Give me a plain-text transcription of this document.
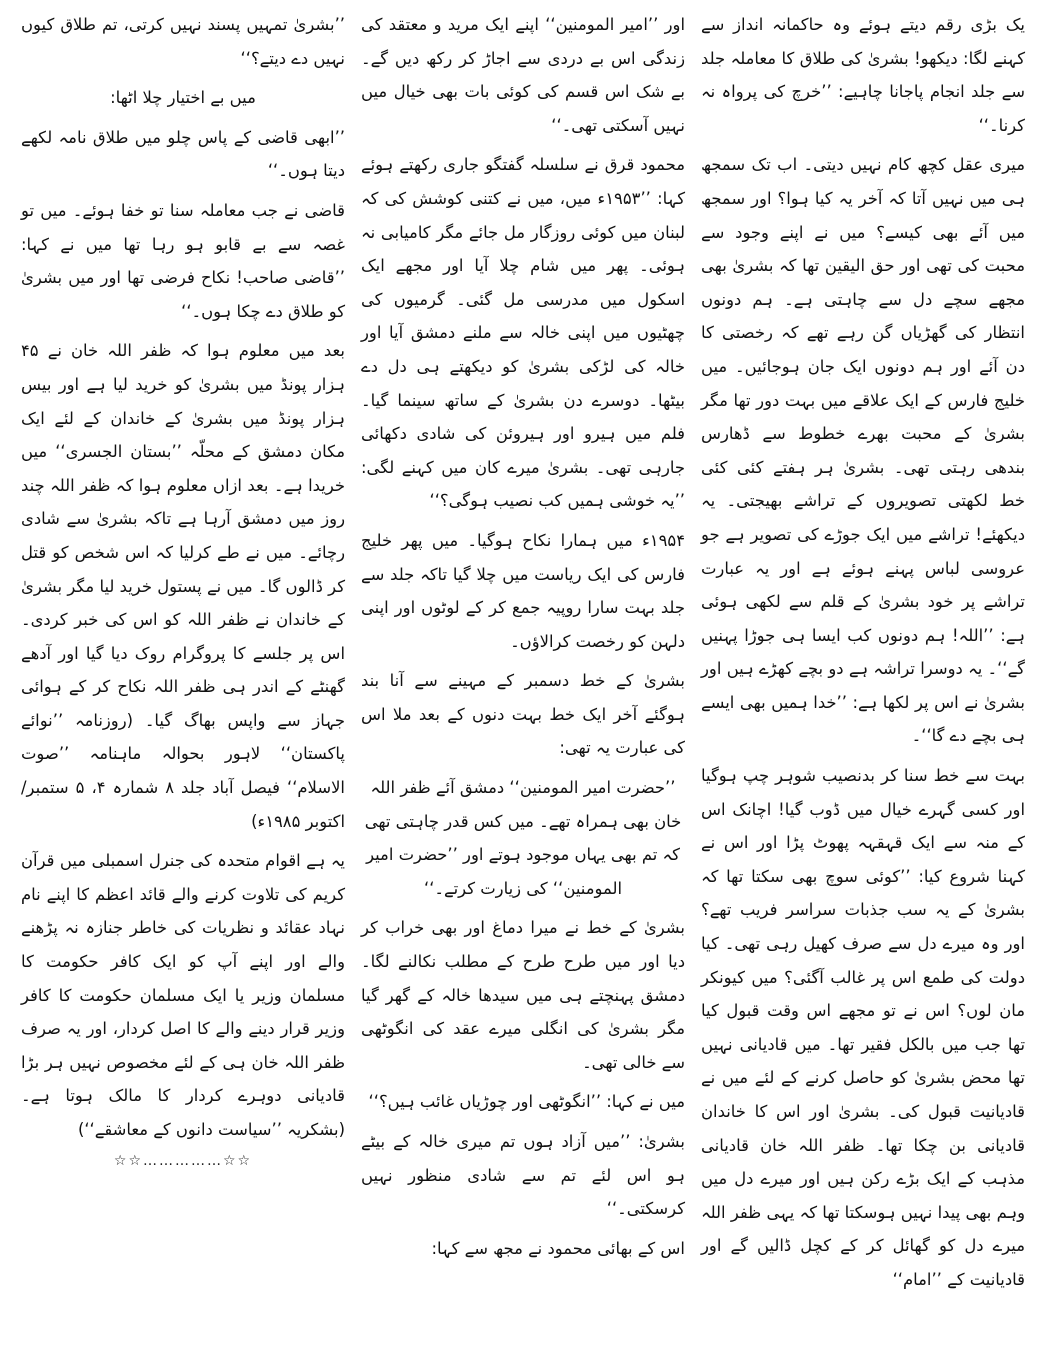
یک بڑی رقم دیتے ہوئے وہ حاکمانہ انداز سے کہنے لگا: دیکھو! بشریٰ کی طلاق کا معاملہ جلد سے جلد انجام پاجانا چاہیے: ’’خرچ کی پرواہ نہ کرنا۔‘‘

میری عقل کچھ کام نہیں دیتی۔ اب تک سمجھ ہی میں نہیں آتا کہ آخر یہ کیا ہوا؟ اور سمجھ میں آئے بھی کیسے؟ میں نے اپنے وجود سے محبت کی تھی اور حق الیقین تھا کہ بشریٰ بھی مجھے سچے دل سے چاہتی ہے۔ ہم دونوں انتظار کی گھڑیاں گن رہے تھے کہ رخصتی کا دن آئے اور ہم دونوں ایک جان ہوجائیں۔ میں خلیج فارس کے ایک علاقے میں بہت دور تھا مگر بشریٰ کے محبت بھرے خطوط سے ڈھارس بندھی رہتی تھی۔ بشریٰ ہر ہفتے کئی کئی خط لکھتی تصویروں کے تراشے بھیجتی۔ یہ دیکھئے! تراشے میں ایک جوڑے کی تصویر ہے جو عروسی لباس پہنے ہوئے ہے اور یہ عبارت تراشے پر خود بشریٰ کے قلم سے لکھی ہوئی ہے: ’’اللہ! ہم دونوں کب ایسا ہی جوڑا پہنیں گے‘‘۔ یہ دوسرا تراشہ ہے دو بچے کھڑے ہیں اور بشریٰ نے اس پر لکھا ہے: ’’خدا ہمیں بھی ایسے ہی بچے دے گا‘‘۔

بہت سے خط سنا کر بدنصیب شوہر چپ ہوگیا اور کسی گہرے خیال میں ڈوب گیا! اچانک اس کے منہ سے ایک قہقہہ پھوٹ پڑا اور اس نے کہنا شروع کیا: ’’کوئی سوچ بھی سکتا تھا کہ بشریٰ کے یہ سب جذبات سراسر فریب تھے؟ اور وہ میرے دل سے صرف کھیل رہی تھی۔ کیا دولت کی طمع اس پر غالب آگئی؟ میں کیونکر مان لوں؟ اس نے تو مجھے اس وقت قبول کیا تھا جب میں بالکل فقیر تھا۔ میں قادیانی نہیں تھا محض بشریٰ کو حاصل کرنے کے لئے میں نے قادیانیت قبول کی۔ بشریٰ اور اس کا خاندان قادیانی بن چکا تھا۔ ظفر اللہ خان قادیانی مذہب کے ایک بڑے رکن ہیں اور میرے دل میں وہم بھی پیدا نہیں ہوسکتا تھا کہ یہی ظفر اللہ میرے دل کو گھائل کر کے کچل ڈالیں گے اور قادیانیت کے ’’امام‘‘

اور ’’امیر المومنین‘‘ اپنے ایک مرید و معتقد کی زندگی اس بے دردی سے اجاڑ کر رکھ دیں گے۔ بے شک اس قسم کی کوئی بات بھی خیال میں نہیں آسکتی تھی۔‘‘

محمود قرق نے سلسلہ گفتگو جاری رکھتے ہوئے کہا: ’’۱۹۵۳ء میں، میں نے کتنی کوشش کی کہ لبنان میں کوئی روزگار مل جائے مگر کامیابی نہ ہوئی۔ پھر میں شام چلا آیا اور مجھے ایک اسکول میں مدرسی مل گئی۔ گرمیوں کی چھٹیوں میں اپنی خالہ سے ملنے دمشق آیا اور خالہ کی لڑکی بشریٰ کو دیکھتے ہی دل دے بیٹھا۔ دوسرے دن بشریٰ کے ساتھ سینما گیا۔ فلم میں ہیرو اور ہیروئن کی شادی دکھائی جارہی تھی۔ بشریٰ میرے کان میں کہنے لگی: ’’یہ خوشی ہمیں کب نصیب ہوگی؟‘‘

۱۹۵۴ء میں ہمارا نکاح ہوگیا۔ میں پھر خلیج فارس کی ایک ریاست میں چلا گیا تاکہ جلد سے جلد بہت سارا روپیہ جمع کر کے لوٹوں اور اپنی دلہن کو رخصت کرالاؤں۔

بشریٰ کے خط دسمبر کے مہینے سے آنا بند ہوگئے آخر ایک خط بہت دنوں کے بعد ملا اس کی عبارت یہ تھی:

’’حضرت امیر المومنین‘‘ دمشق آئے ظفر اللہ خان بھی ہمراہ تھے۔ میں کس قدر چاہتی تھی کہ تم بھی یہاں موجود ہوتے اور ’’حضرت امیر المومنین‘‘ کی زیارت کرتے۔‘‘

بشریٰ کے خط نے میرا دماغ اور بھی خراب کر دیا اور میں طرح طرح کے مطلب نکالنے لگا۔ دمشق پہنچتے ہی میں سیدھا خالہ کے گھر گیا مگر بشریٰ کی انگلی میرے عقد کی انگوٹھی سے خالی تھی۔

میں نے کہا: ’’انگوٹھی اور چوڑیاں غائب ہیں؟‘‘

بشریٰ: ’’میں آزاد ہوں تم میری خالہ کے بیٹے ہو اس لئے تم سے شادی منظور نہیں کرسکتی۔‘‘

اس کے بھائی محمود نے مجھ سے کہا:

’’بشریٰ تمہیں پسند نہیں کرتی، تم طلاق کیوں نہیں دے دیتے؟‘‘

میں بے اختیار چلا اٹھا:

’’ابھی قاضی کے پاس چلو میں طلاق نامہ لکھے دیتا ہوں۔‘‘

قاضی نے جب معاملہ سنا تو خفا ہوئے۔ میں تو غصہ سے بے قابو ہو رہا تھا میں نے کہا: ’’قاضی صاحب! نکاح فرضی تھا اور میں بشریٰ کو طلاق دے چکا ہوں۔‘‘

بعد میں معلوم ہوا کہ ظفر اللہ خان نے ۴۵ ہزار پونڈ میں بشریٰ کو خرید لیا ہے اور بیس ہزار پونڈ میں بشریٰ کے خاندان کے لئے ایک مکان دمشق کے محلّہ ’’بستان الجسری‘‘ میں خریدا ہے۔ بعد ازاں معلوم ہوا کہ ظفر اللہ چند روز میں دمشق آرہا ہے تاکہ بشریٰ سے شادی رچائے۔ میں نے طے کرلیا کہ اس شخص کو قتل کر ڈالوں گا۔ میں نے پستول خرید لیا مگر بشریٰ کے خاندان نے ظفر اللہ کو اس کی خبر کردی۔ اس پر جلسے کا پروگرام روک دیا گیا اور آدھے گھنٹے کے اندر ہی ظفر اللہ نکاح کر کے ہوائی جہاز سے واپس بھاگ گیا۔ (روزنامہ ’’نوائے پاکستان‘‘ لاہور بحوالہ ماہنامہ ’’صوت الاسلام‘‘ فیصل آباد جلد ۸ شمارہ ۴، ۵ ستمبر/اکتوبر ۱۹۸۵ء)

یہ ہے اقوام متحدہ کی جنرل اسمبلی میں قرآن کریم کی تلاوت کرنے والے قائد اعظم کا اپنے نام نہاد عقائد و نظریات کی خاطر جنازہ نہ پڑھنے والے اور اپنے آپ کو ایک کافر حکومت کا مسلمان وزیر یا ایک مسلمان حکومت کا کافر وزیر قرار دینے والے کا اصل کردار، اور یہ صرف ظفر اللہ خان ہی کے لئے مخصوص نہیں ہر بڑا قادیانی دوہرے کردار کا مالک ہوتا ہے۔ (بشکریہ ’’سیاست دانوں کے معاشقے‘‘)

☆☆……………☆☆
